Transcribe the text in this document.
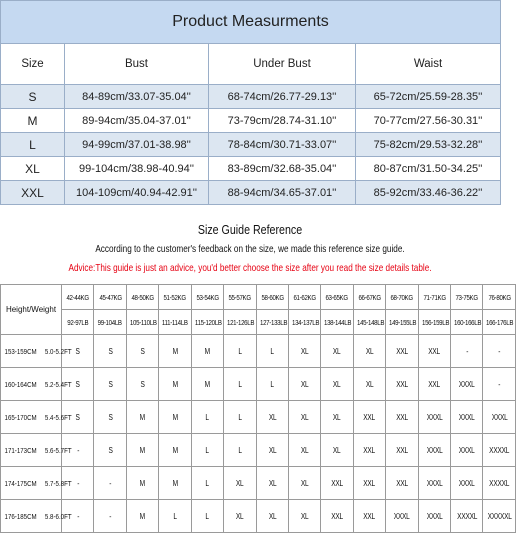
Product Measurments			
Size	Bust	Under Bust	Waist
S	84-89cm/33.07-35.04''	68-74cm/26.77-29.13''	65-72cm/25.59-28.35''
M	89-94cm/35.04-37.01''	73-79cm/28.74-31.10''	70-77cm/27.56-30.31''
L	94-99cm/37.01-38.98''	78-84cm/30.71-33.07''	75-82cm/29.53-32.28''
XL	99-104cm/38.98-40.94''	83-89cm/32.68-35.04''	80-87cm/31.50-34.25''
XXL	104-109cm/40.94-42.91''	88-94cm/34.65-37.01''	85-92cm/33.46-36.22''
Size Guide Reference
According to the customer's feedback on the size, we made this reference size guide.
Advice:This guide is just an advice, you'd better choose the size after you read the size details table.
Height/Weight	42-44KG	45-47KG	48-50KG	51-52KG	53-54KG	55-57KG	58-60KG	61-62KG	63-65KG	66-67KG	68-70KG	71-71KG	73-75KG	76-80KG
	92-97LB	99-104LB	105-110LB	111-114LB	115-120LB	121-126LB	127-133LB	134-137LB	138-144LB	145-148LB	149-155LB	156-159LB	160-166LB	166-176LB
153-159CM 5.0-5.2FT	S	S	S	M	M	L	L	XL	XL	XL	XXL	XXL	-	-
160-164CM 5.2-5.4FT	S	S	S	M	M	L	L	XL	XL	XL	XXL	XXL	XXXL	-
165-170CM 5.4-5.6FT	S	S	M	M	L	L	XL	XL	XL	XXL	XXL	XXXL	XXXL	XXXL
171-173CM 5.6-5.7FT	-	S	M	M	L	L	XL	XL	XL	XXL	XXL	XXXL	XXXL	XXXXL
174-175CM 5.7-5.8FT	-	-	M	M	L	XL	XL	XL	XXL	XXL	XXL	XXXL	XXXL	XXXXL
176-185CM 5.8-6.0FT	-	-	M	L	L	XL	XL	XL	XXL	XXL	XXXL	XXXL	XXXXL	XXXXXL
